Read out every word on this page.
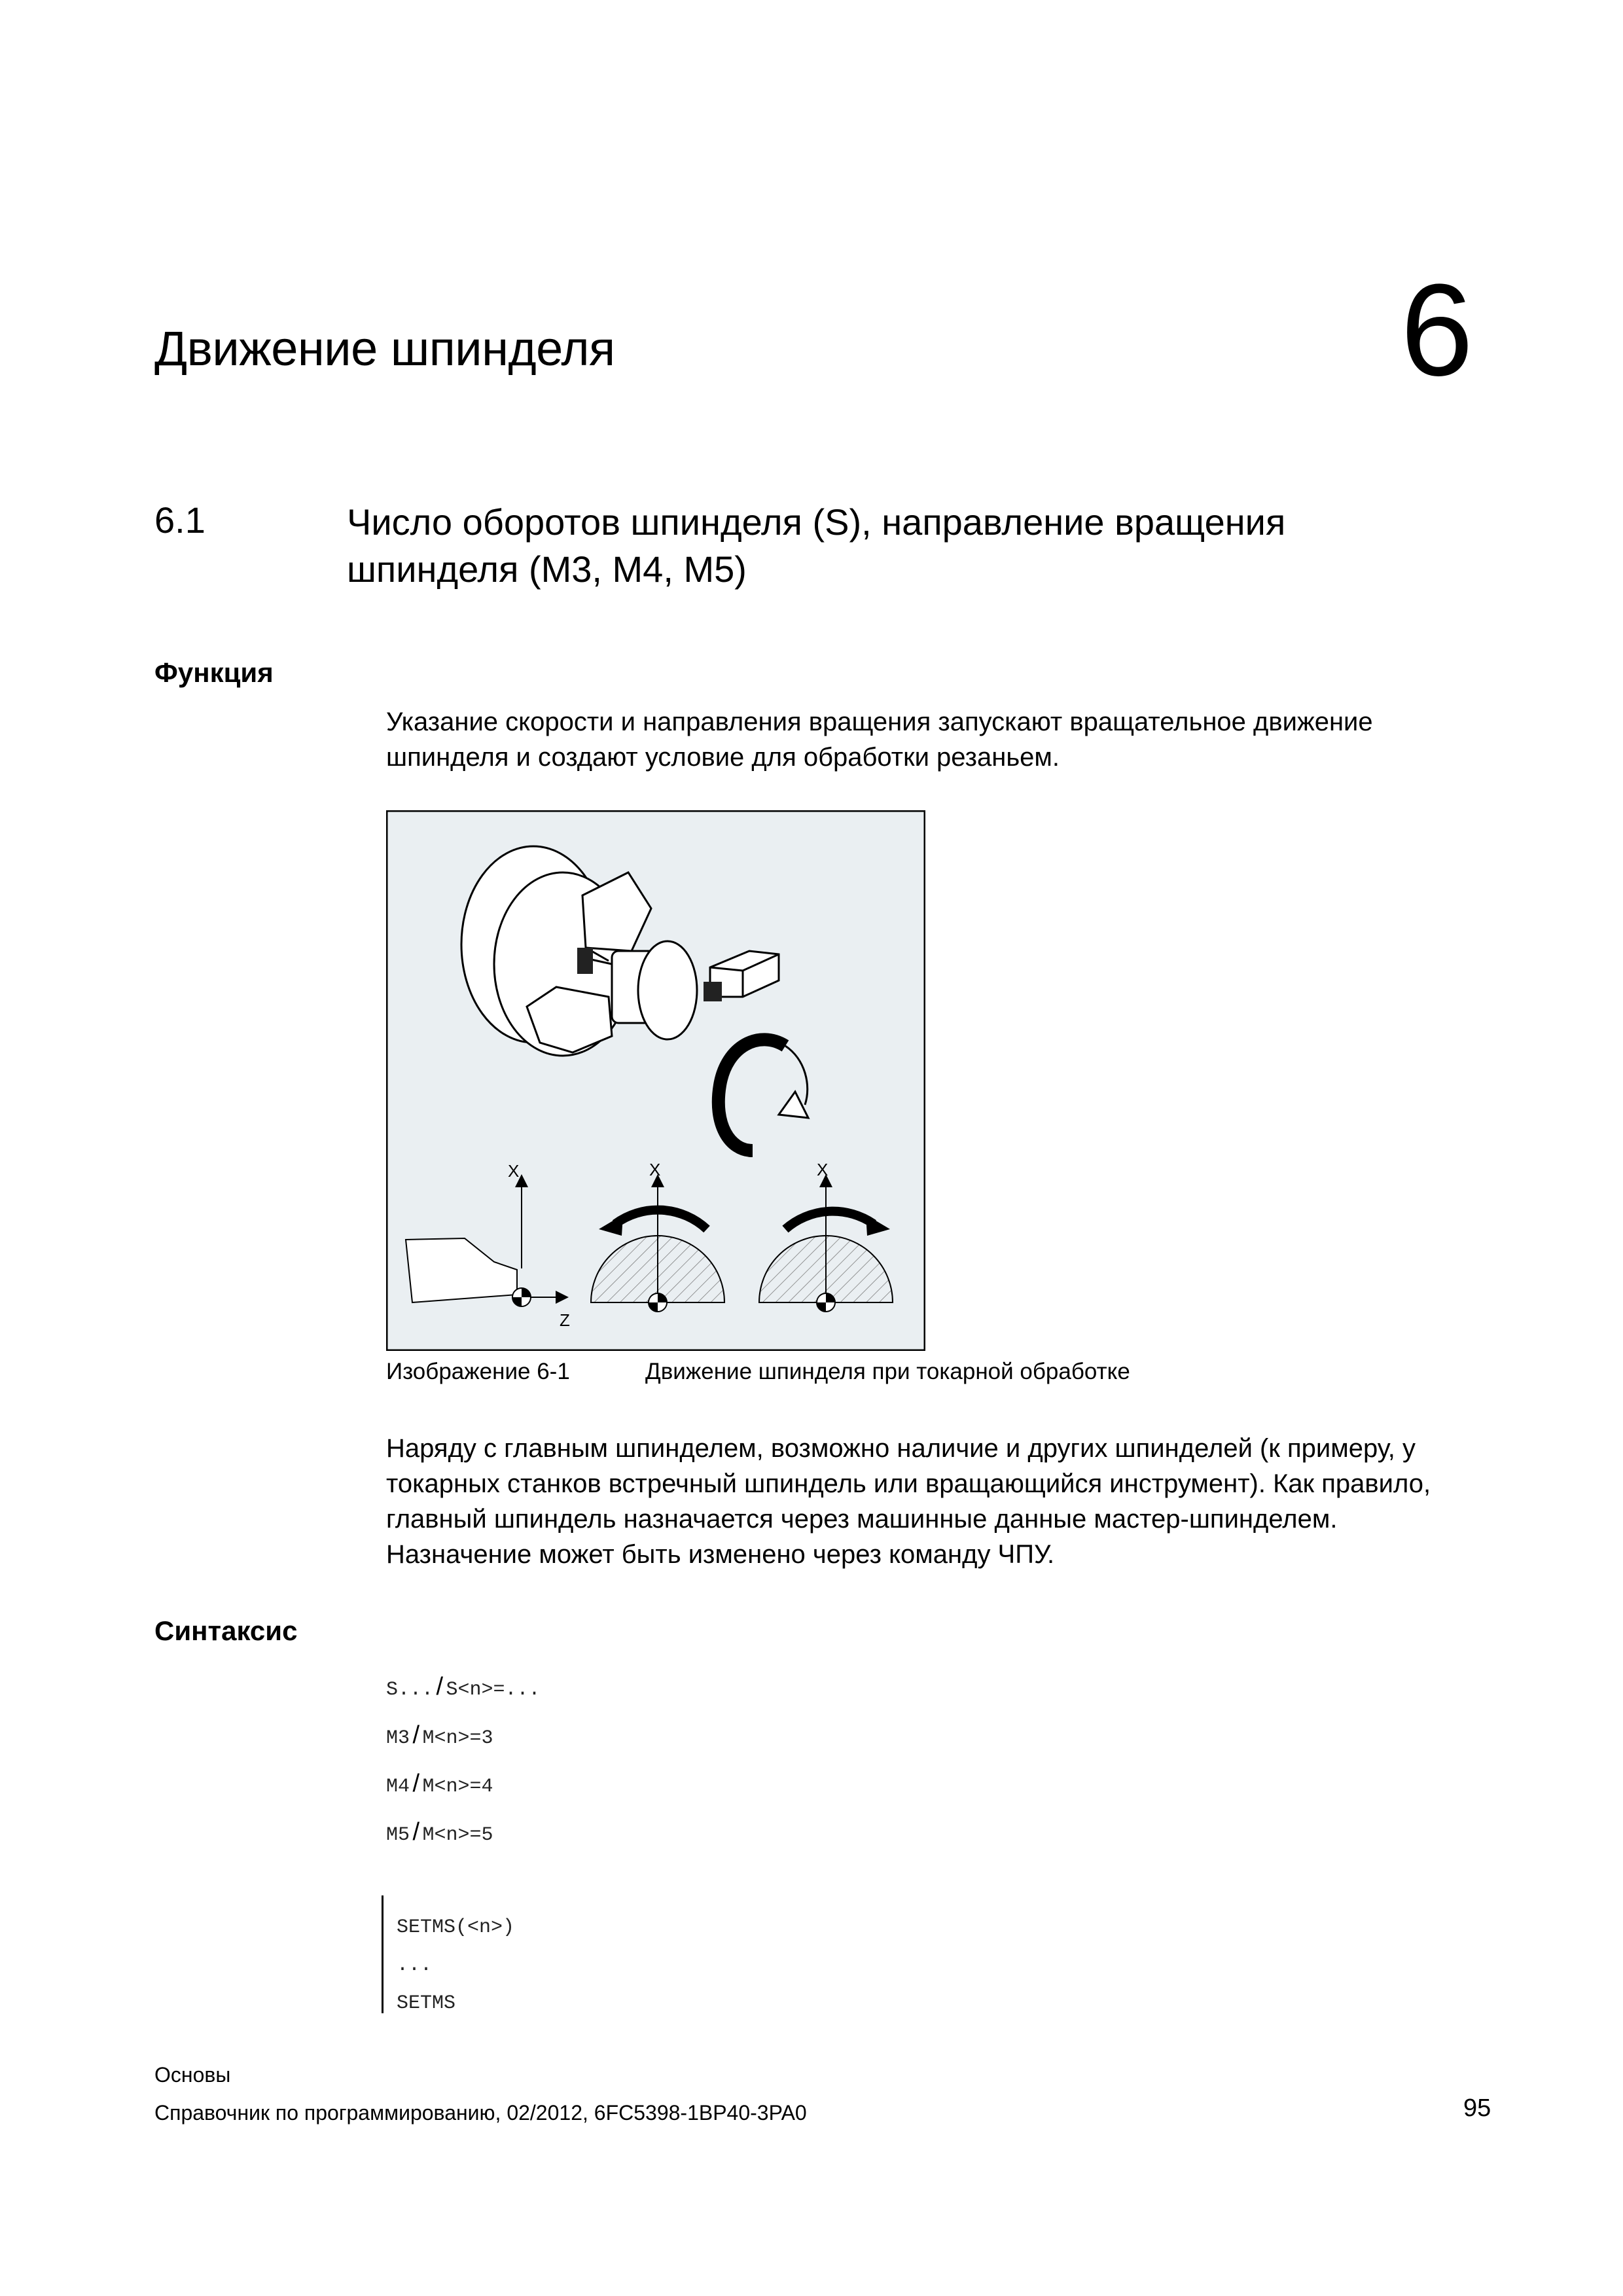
Движение шпинделя	6
6.1	Число оборотов шпинделя (S), направление вращения
шпинделя (M3, M4, M5)
Функция
Указание скорости и направления вращения запускают вращательное движение
шпинделя и создают условие для обработки резаньем.
X	X	X
Z
Изображение 6-1	Движение шпинделя при токарной обработке
Наряду с главным шпинделем, возможно наличие и других шпинделей (к примеру, у
токарных станков встречный шпиндель или вращающийся инструмент). Как правило,
главный шпиндель назначается через машинные данные мастер-шпинделем.
Назначение может быть изменено через команду ЧПУ.
Синтаксис
S... / S<n>=...
M3 / M<n>=3
M4 / M<n>=4
M5 / M<n>=5
SETMS(<n>)
...
SETMS
Основы
Справочник по программированию, 02/2012, 6FC5398-1BP40-3PA0	95
